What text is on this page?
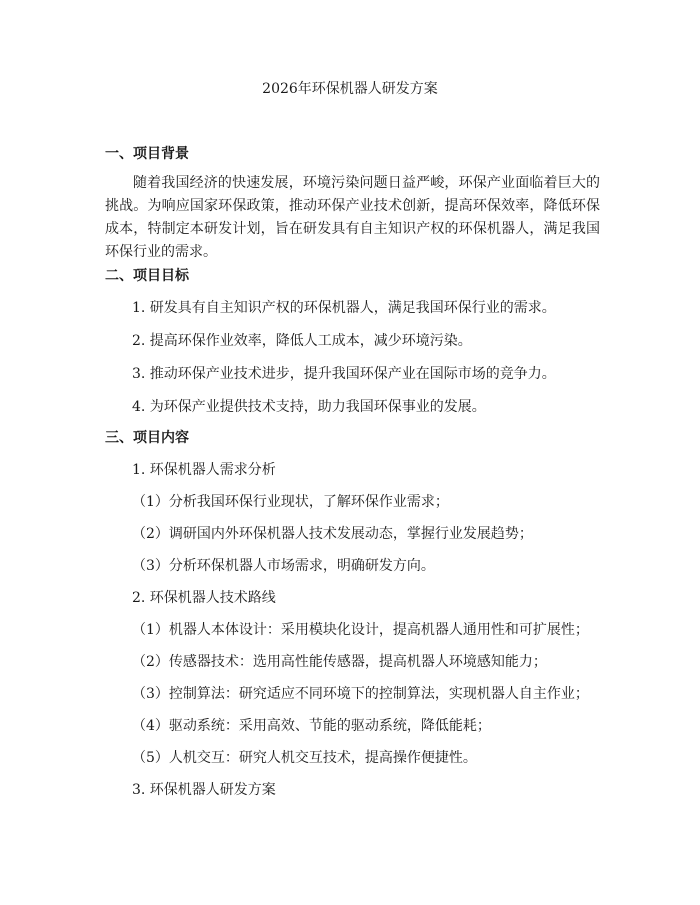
2026年环保机器人研发方案
一、项目背景
随着我国经济的快速发展，环境污染问题日益严峻，环保产业面临着巨大的挑战。为响应国家环保政策，推动环保产业技术创新，提高环保效率，降低环保成本，特制定本研发计划，旨在研发具有自主知识产权的环保机器人，满足我国环保行业的需求。
二、项目目标
1. 研发具有自主知识产权的环保机器人，满足我国环保行业的需求。
2. 提高环保作业效率，降低人工成本，减少环境污染。
3. 推动环保产业技术进步，提升我国环保产业在国际市场的竞争力。
4. 为环保产业提供技术支持，助力我国环保事业的发展。
三、项目内容
1. 环保机器人需求分析
（1）分析我国环保行业现状，了解环保作业需求；
（2）调研国内外环保机器人技术发展动态，掌握行业发展趋势；
（3）分析环保机器人市场需求，明确研发方向。
2. 环保机器人技术路线
（1）机器人本体设计：采用模块化设计，提高机器人通用性和可扩展性；
（2）传感器技术：选用高性能传感器，提高机器人环境感知能力；
（3）控制算法：研究适应不同环境下的控制算法，实现机器人自主作业；
（4）驱动系统：采用高效、节能的驱动系统，降低能耗；
（5）人机交互：研究人机交互技术，提高操作便捷性。
3. 环保机器人研发方案
